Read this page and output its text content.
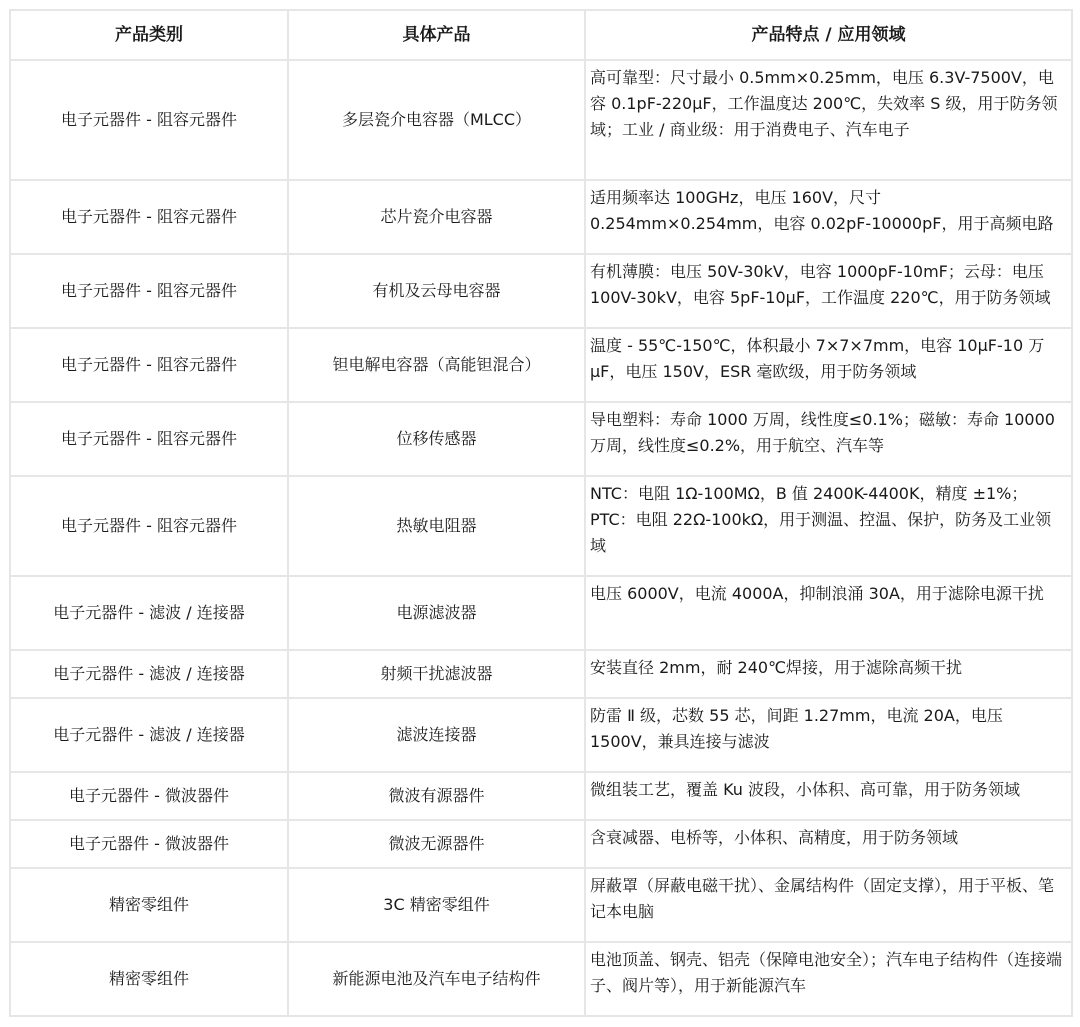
产品类别	具体产品	产品特点 / 应用领域
电子元器件 - 阻容元器件	多层瓷介电容器（MLCC）	高可靠型：尺寸最小 0.5mm×0.25mm，电压 6.3V-7500V，电容 0.1pF-220μF，工作温度达 200℃，失效率 S 级，用于防务领域；工业 / 商业级：用于消费电子、汽车电子
电子元器件 - 阻容元器件	芯片瓷介电容器	适用频率达 100GHz，电压 160V，尺寸 0.254mm×0.254mm，电容 0.02pF-10000pF，用于高频电路
电子元器件 - 阻容元器件	有机及云母电容器	有机薄膜：电压 50V-30kV，电容 1000pF-10mF；云母：电压 100V-30kV，电容 5pF-10μF，工作温度 220℃，用于防务领域
电子元器件 - 阻容元器件	钽电解电容器（高能钽混合）	温度 - 55℃-150℃，体积最小 7×7×7mm，电容 10μF-10 万 μF，电压 150V，ESR 毫欧级，用于防务领域
电子元器件 - 阻容元器件	位移传感器	导电塑料：寿命 1000 万周，线性度≤0.1%；磁敏：寿命 10000 万周，线性度≤0.2%，用于航空、汽车等
电子元器件 - 阻容元器件	热敏电阻器	NTC：电阻 1Ω-100MΩ，B 值 2400K-4400K，精度 ±1%；PTC：电阻 22Ω-100kΩ，用于测温、控温、保护，防务及工业领域
电子元器件 - 滤波 / 连接器	电源滤波器	电压 6000V，电流 4000A，抑制浪涌 30A，用于滤除电源干扰
电子元器件 - 滤波 / 连接器	射频干扰滤波器	安装直径 2mm，耐 240℃焊接，用于滤除高频干扰
电子元器件 - 滤波 / 连接器	滤波连接器	防雷 Ⅱ 级，芯数 55 芯，间距 1.27mm，电流 20A，电压 1500V，兼具连接与滤波
电子元器件 - 微波器件	微波有源器件	微组装工艺，覆盖 Ku 波段，小体积、高可靠，用于防务领域
电子元器件 - 微波器件	微波无源器件	含衰减器、电桥等，小体积、高精度，用于防务领域
精密零组件	3C 精密零组件	屏蔽罩（屏蔽电磁干扰）、金属结构件（固定支撑），用于平板、笔记本电脑
精密零组件	新能源电池及汽车电子结构件	电池顶盖、钢壳、铝壳（保障电池安全）；汽车电子结构件（连接端子、阀片等），用于新能源汽车
